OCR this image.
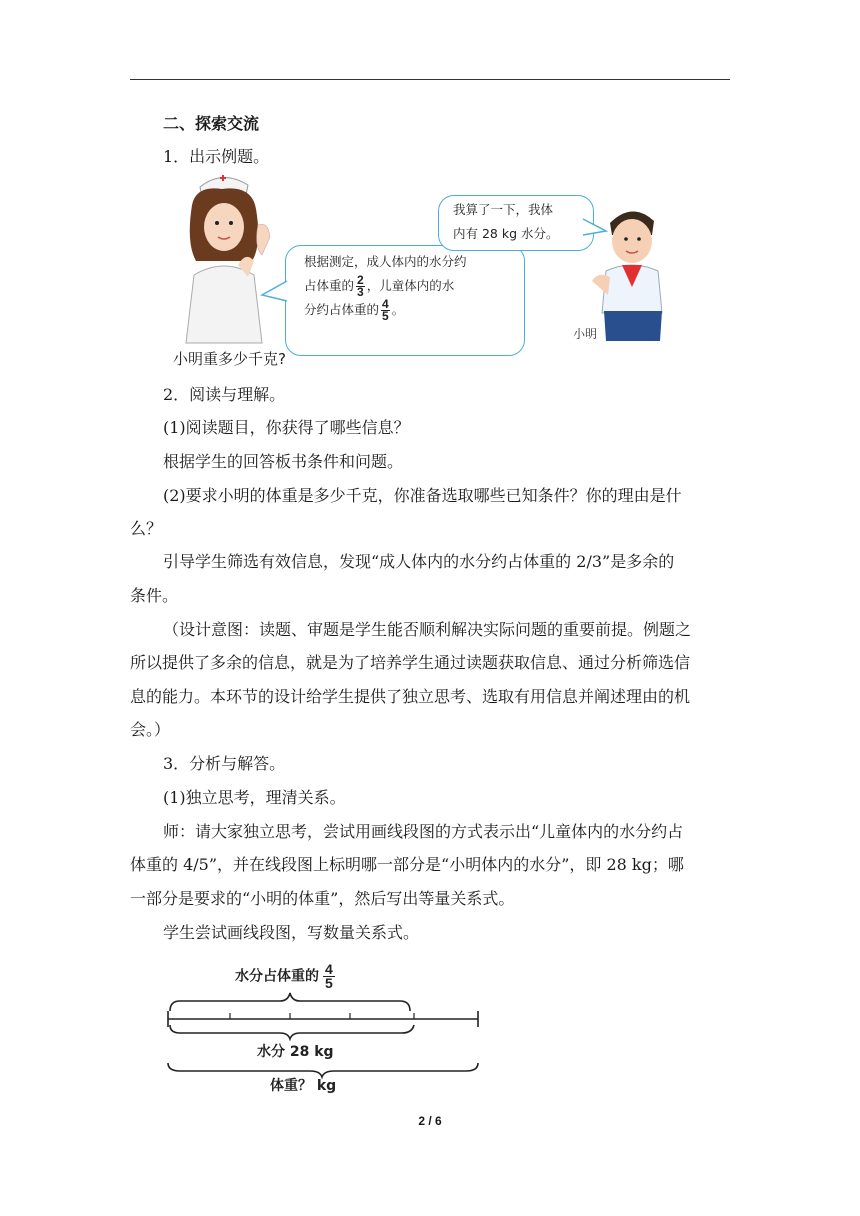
二、探索交流
1．出示例题。
根据测定，成人体内的水分约
占体重的 $\frac{2}{3}$ ，儿童体内的水
分约占体重的 $\frac{4}{5}$ 。
我算了一下，我体
内有 28 kg 水分。
小明
小明重多少千克?
2．阅读与理解。
(1)阅读题目，你获得了哪些信息？
根据学生的回答板书条件和问题。
(2)要求小明的体重是多少千克，你准备选取哪些已知条件？你的理由是什
么？
引导学生筛选有效信息，发现“成人体内的水分约占体重的 2/3”是多余的
条件。
（设计意图：读题、审题是学生能否顺利解决实际问题的重要前提。例题之
所以提供了多余的信息，就是为了培养学生通过读题获取信息、通过分析筛选信
息的能力。本环节的设计给学生提供了独立思考、选取有用信息并阐述理由的机
会。）
3．分析与解答。
(1)独立思考，理清关系。
师：请大家独立思考，尝试用画线段图的方式表示出“儿童体内的水分约占
体重的 4/5”，并在线段图上标明哪一部分是“小明体内的水分”，即 28 kg；哪
一部分是要求的“小明的体重”，然后写出等量关系式。
学生尝试画线段图，写数量关系式。
水分占体重的 $\frac{4}{5}$
水分 28 kg
体重？ kg
2 / 6
